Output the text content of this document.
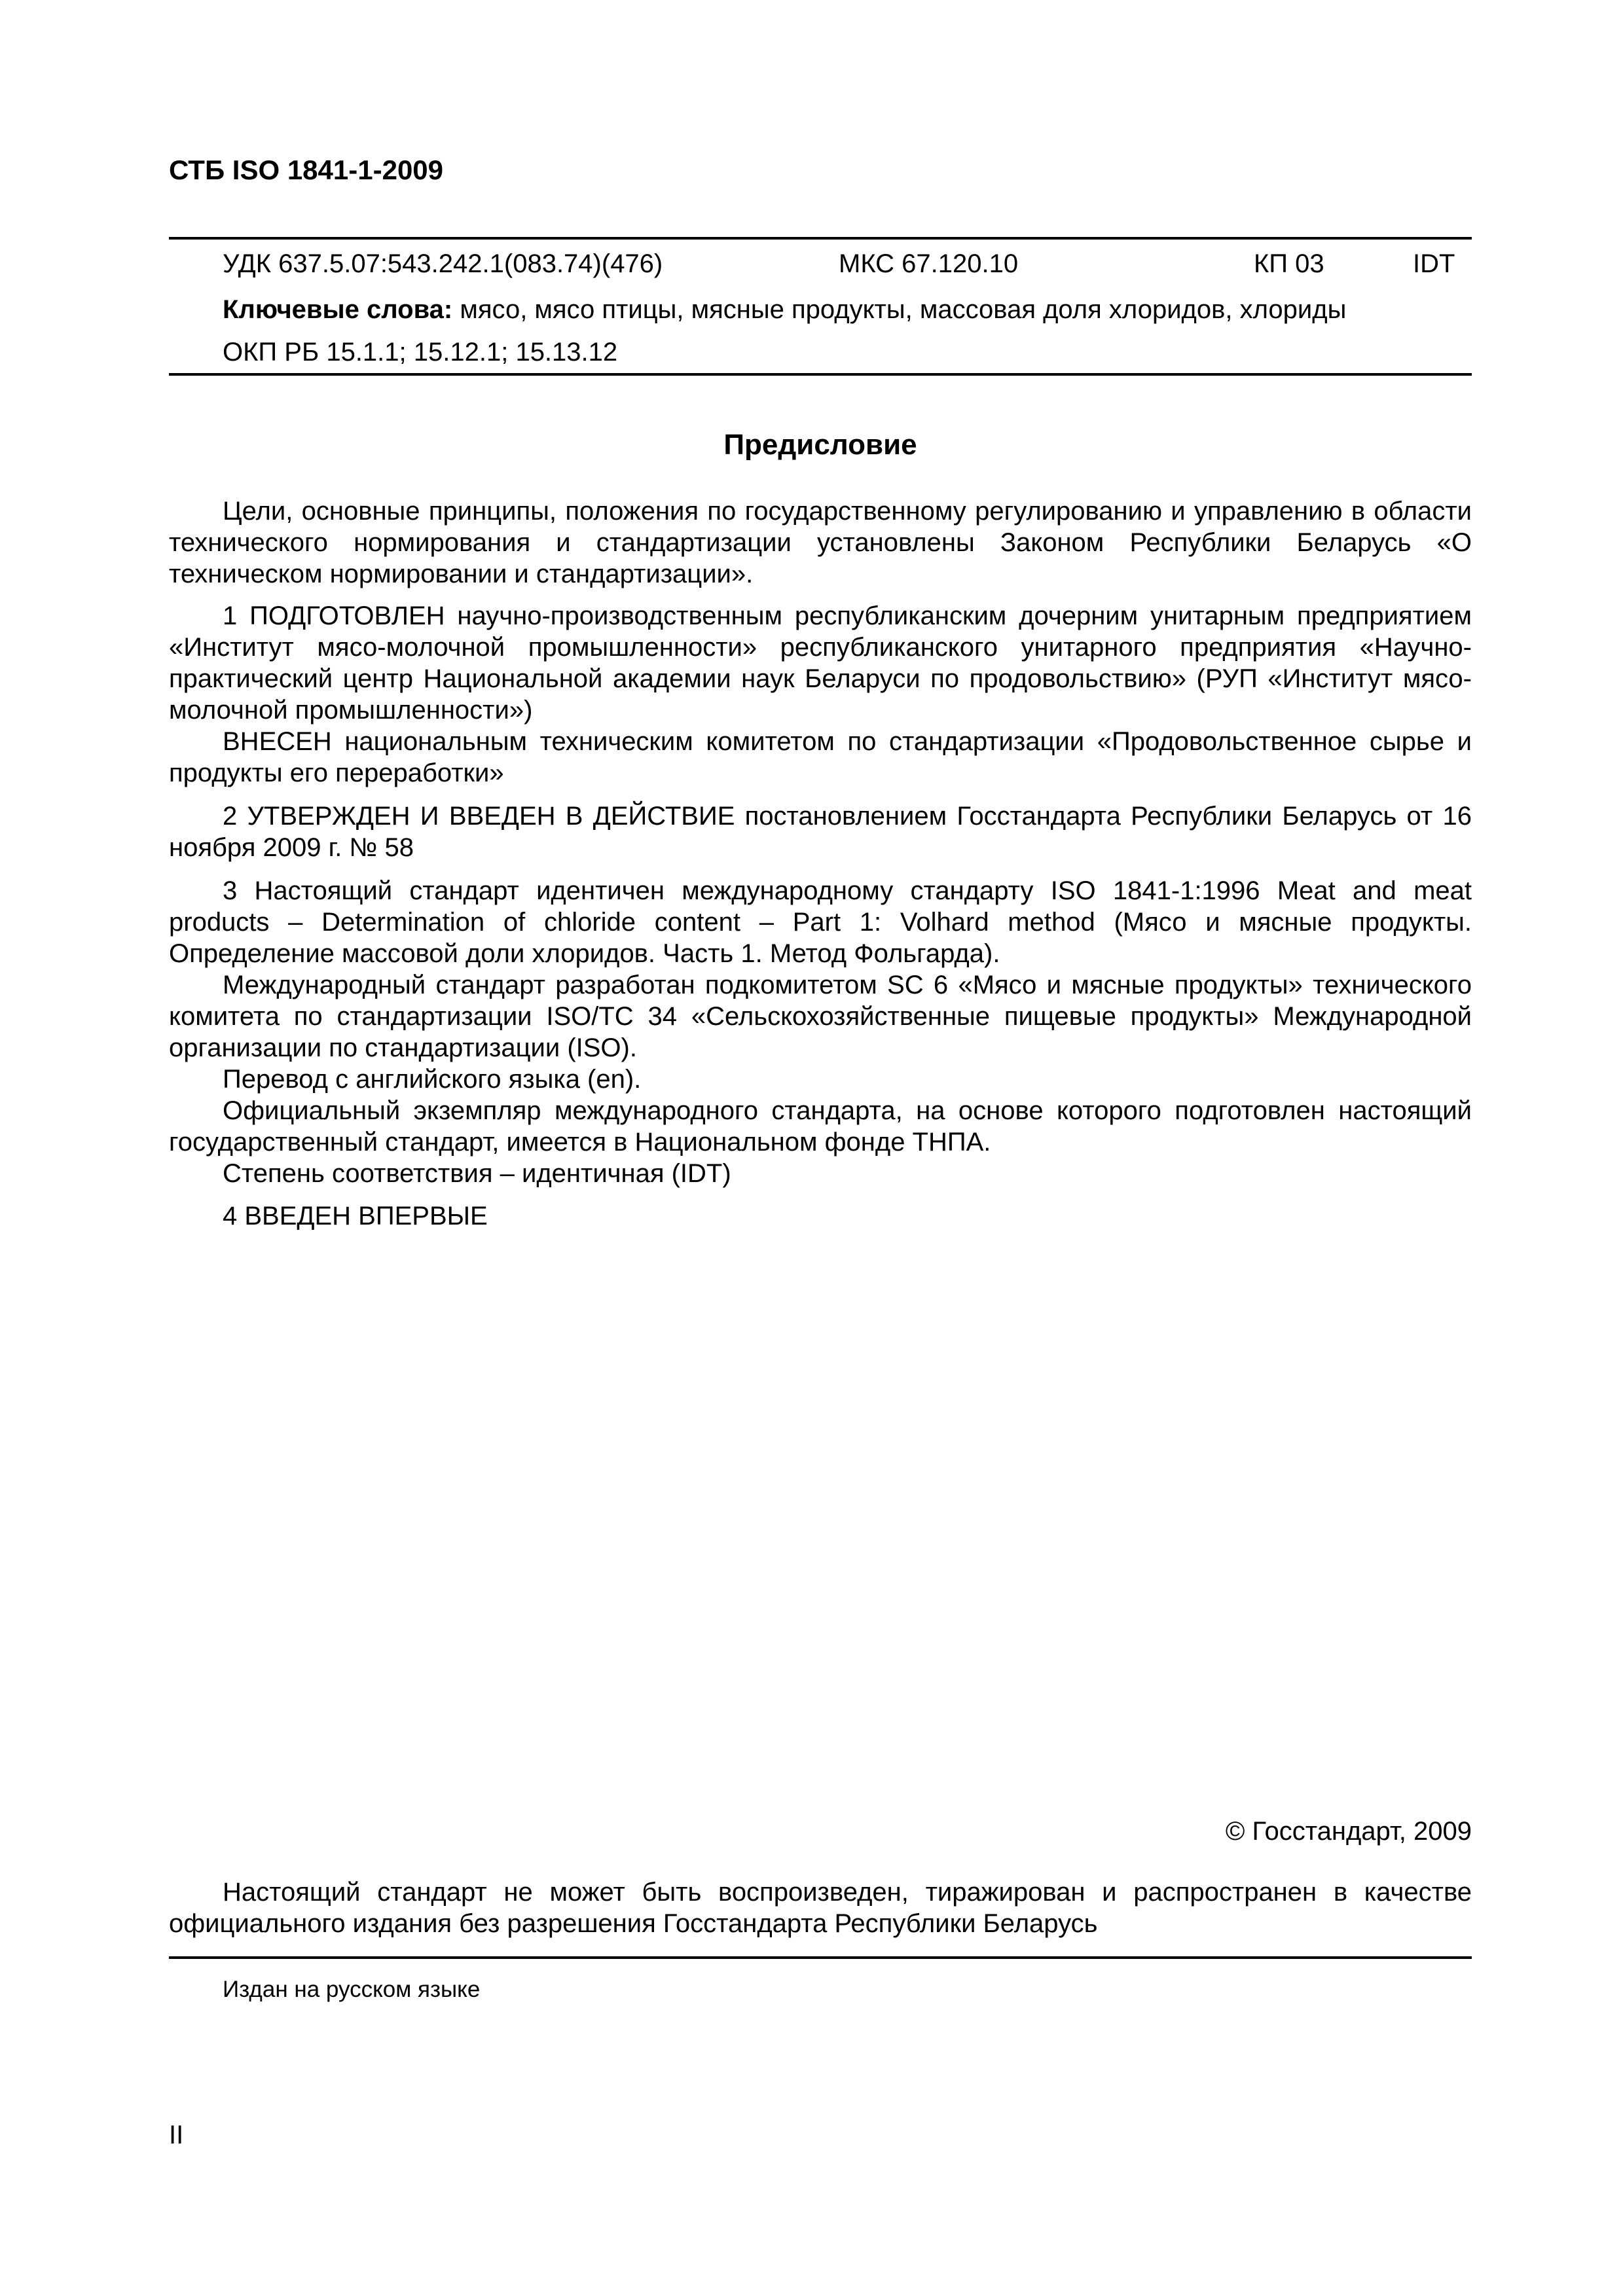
СТБ ISO 1841-1-2009
УДК 637.5.07:543.242.1(083.74)(476)	МКС 67.120.10	КП 03	IDT
Ключевые слова: мясо, мясо птицы, мясные продукты, массовая доля хлоридов, хлориды
ОКП РБ 15.1.1; 15.12.1; 15.13.12
Предисловие
Цели, основные принципы, положения по государственному регулированию и управлению в области технического нормирования и стандартизации установлены Законом Республики Беларусь «О техническом нормировании и стандартизации».
1 ПОДГОТОВЛЕН научно-производственным республиканским дочерним унитарным предприятием «Институт мясо-молочной промышленности» республиканского унитарного предприятия «Научно-практический центр Национальной академии наук Беларуси по продовольствию» (РУП «Институт мясо-молочной промышленности»)
ВНЕСЕН национальным техническим комитетом по стандартизации «Продовольственное сырье и продукты его переработки»
2 УТВЕРЖДЕН И ВВЕДЕН В ДЕЙСТВИЕ постановлением Госстандарта Республики Беларусь от 16 ноября 2009 г. № 58
3 Настоящий стандарт идентичен международному стандарту ISO 1841-1:1996 Meat and meat products – Determination of chloride content – Part 1: Volhard method (Мясо и мясные продукты. Определение массовой доли хлоридов. Часть 1. Метод Фольгарда).
Международный стандарт разработан подкомитетом SC 6 «Мясо и мясные продукты» технического комитета по стандартизации ISO/TC 34 «Сельскохозяйственные пищевые продукты» Международной организации по стандартизации (ISO).
Перевод с английского языка (en).
Официальный экземпляр международного стандарта, на основе которого подготовлен настоящий государственный стандарт, имеется в Национальном фонде ТНПА.
Степень соответствия – идентичная (IDT)
4 ВВЕДЕН ВПЕРВЫЕ
© Госстандарт, 2009
Настоящий стандарт не может быть воспроизведен, тиражирован и распространен в качестве официального издания без разрешения Госстандарта Республики Беларусь
Издан на русском языке
II
